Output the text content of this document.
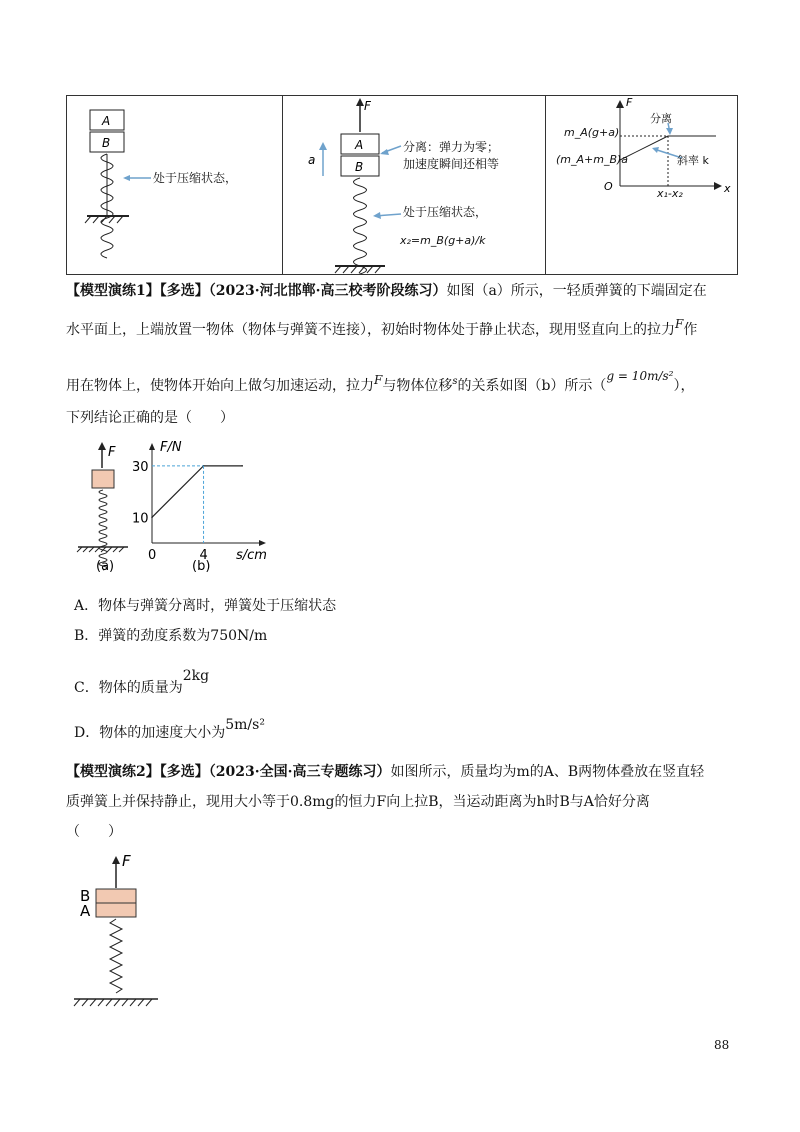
A
B
处于压缩状态，
F
a
A
B
分离：弹力为零；
加速度瞬间还相等
处于压缩状态，
x₂=m_B(g+a)/k
F
x
O
m_A(g+a)
(m_A+m_B)a
分离
斜率 k
x₁-x₂
【模型演练1】【多选】（2023·河北邯郸·高三校考阶段练习）如图（a）所示，一轻质弹簧的下端固定在
水平面上，上端放置一物体（物体与弹簧不连接），初始时物体处于静止状态，现用竖直向上的拉力F作
用在物体上，使物体开始向上做匀加速运动，拉力F与物体位移$^s$的关系如图（b）所示（g = 10m/s²），
下列结论正确的是（　　）
F
(a)
30
10
0	4
F/N
s/cm
(b)
A．物体与弹簧分离时，弹簧处于压缩状态
B．弹簧的劲度系数为750N/m
C．物体的质量为2kg
D．物体的加速度大小为5m/s²
【模型演练2】【多选】（2023·全国·高三专题练习）如图所示，质量均为m的A、B两物体叠放在竖直轻
质弹簧上并保持静止，现用大小等于0.8mg的恒力F向上拉B，当运动距离为h时B与A恰好分离
（　　）
F
B
A
88
